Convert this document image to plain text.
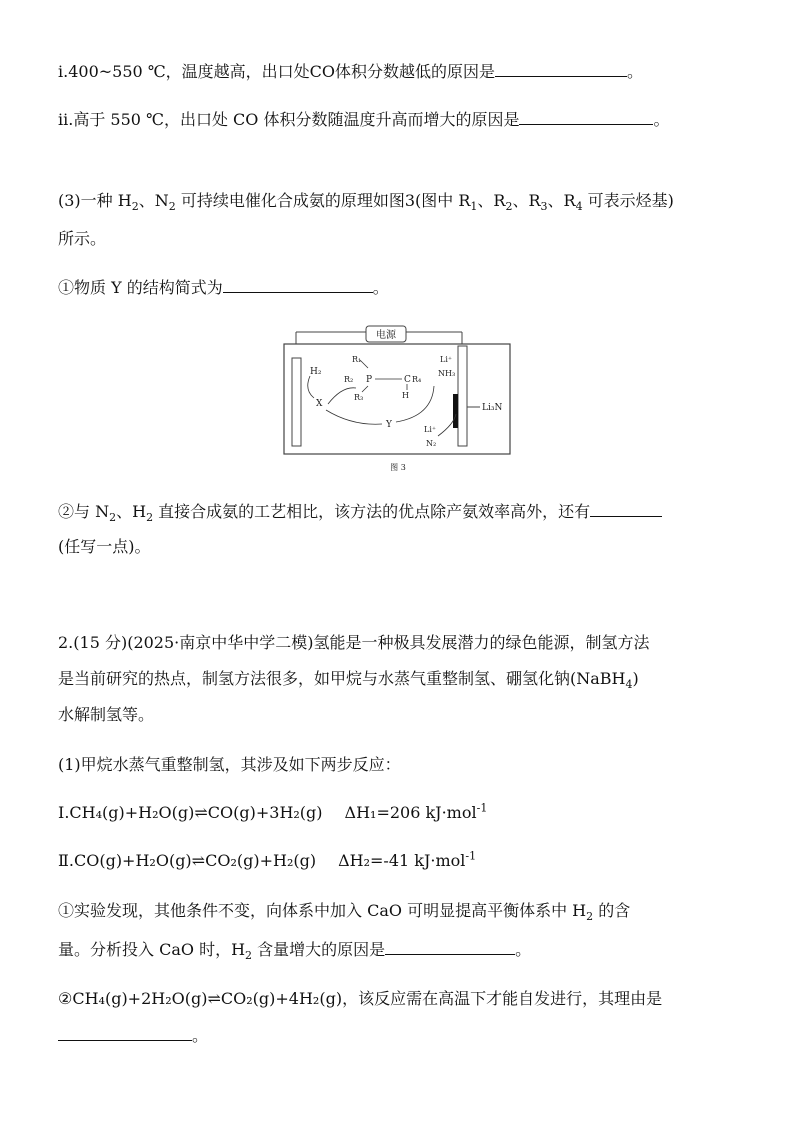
ⅰ.400~550 ℃，温度越高，出口处CO体积分数越低的原因是	。
ⅱ.高于 550 ℃，出口处 CO 体积分数随温度升高而增大的原因是	。
(3)一种 $H_2$、$N_2$ 可持续电催化合成氨的原理如图3(图中 $R_1$、$R_2$、$R_3$、$R_4$ 可表示烃基)
所示。
①物质 Y 的结构简式为	。
电源
Li₃N
H₂
X
Y
R₁
R₂ P	C R₄
R₃	H
Li⁺
NH₃
Li⁺
N₂
图 3
②与 $N_2$、$H_2$ 直接合成氨的工艺相比，该方法的优点除产氨效率高外，还有
(任写一点)。
2.(15 分)(2025·南京中华中学二模)氢能是一种极具发展潜力的绿色能源，制氢方法
是当前研究的热点，制氢方法很多，如甲烷与水蒸气重整制氢、硼氢化钠(NaBH$_4$)
水解制氢等。
(1)甲烷水蒸气重整制氢，其涉及如下两步反应：
Ⅰ.CH₄(g)+H₂O(g)⇌CO(g)+3H₂(g) ΔH₁=206 kJ·mol$^{-1}$
Ⅱ.CO(g)+H₂O(g)⇌CO₂(g)+H₂(g) ΔH₂=-41 kJ·mol$^{-1}$
①实验发现，其他条件不变，向体系中加入 CaO 可明显提高平衡体系中 $H_2$ 的含
量。分析投入 CaO 时，$H_2$ 含量增大的原因是	。
②CH₄(g)+2H₂O(g)⇌CO₂(g)+4H₂(g)，该反应需在高温下才能自发进行，其理由是
。
